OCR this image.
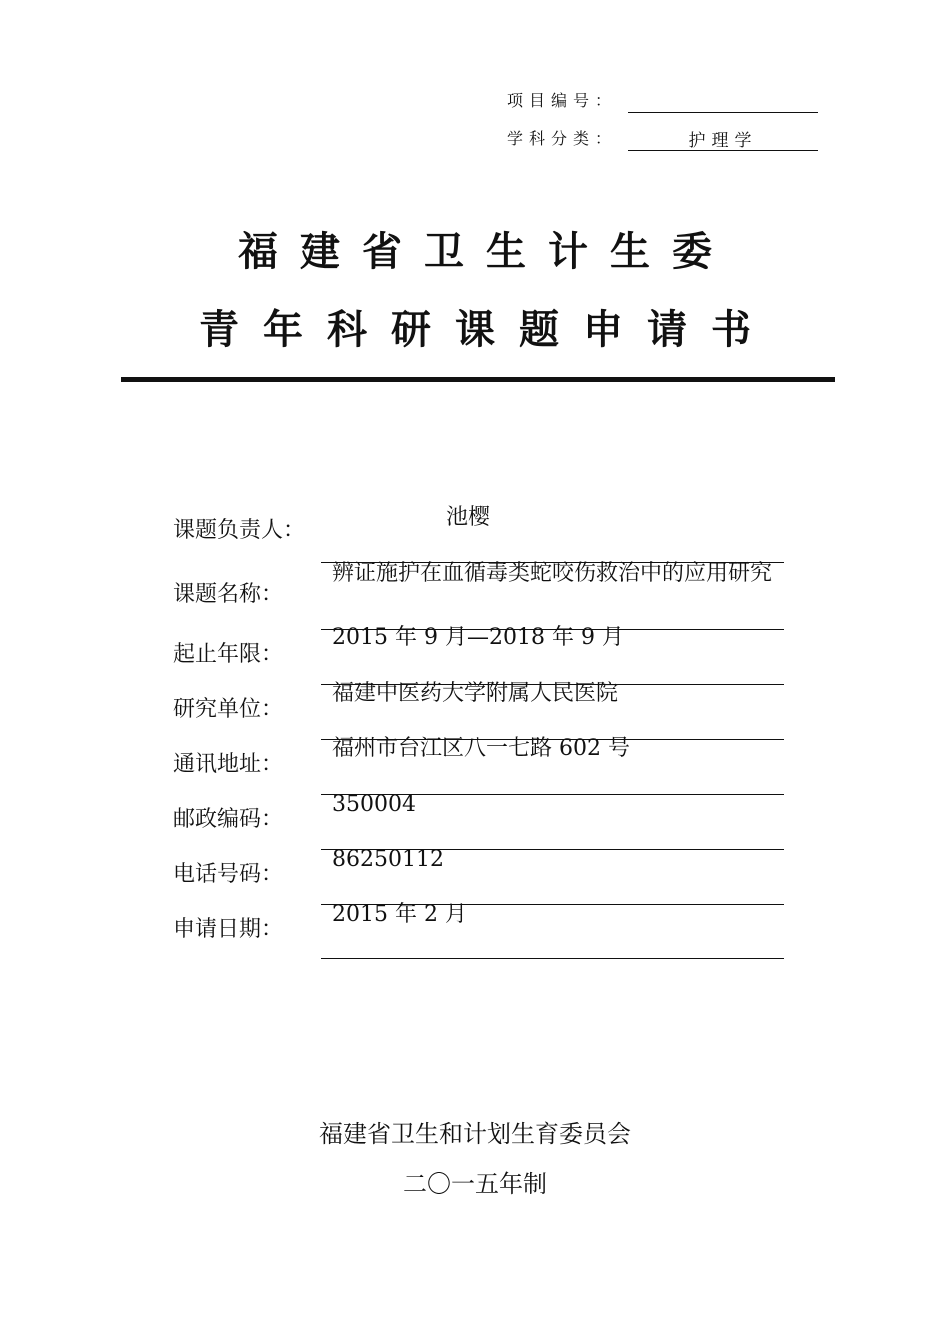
项目编号：
学科分类：	护理学
福建省卫生计生委
青年科研课题申请书
课题负责人：
池樱
课题名称：
辨证施护在血循毒类蛇咬伤救治中的应用研究
起止年限：
2015 年 9 月—2018 年 9 月
研究单位：
福建中医药大学附属人民医院
通讯地址：
福州市台江区八一七路 602 号
邮政编码：
350004
电话号码：
86250112
申请日期：
2015 年 2 月
福建省卫生和计划生育委员会
二〇一五年制
